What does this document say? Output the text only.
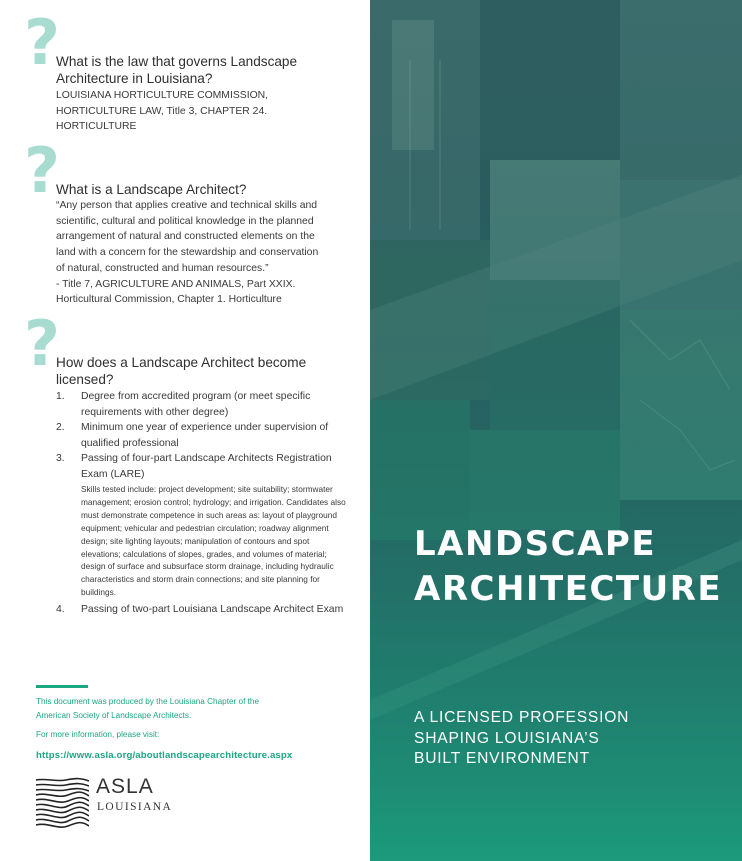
?
What is the law that governs Landscape Architecture in Louisiana?

LOUISIANA HORTICULTURE COMMISSION,

HORTICULTURE LAW, Title 3, CHAPTER 24.

HORTICULTURE

?
What is a Landscape Architect?

“Any person that applies creative and technical skills and

scientific, cultural and political knowledge in the planned

arrangement of natural and constructed elements on the

land with a concern for the stewardship and conservation

of natural, constructed and human resources.”

- Title 7, AGRICULTURE AND ANIMALS, Part XXIX.

Horticultural Commission, Chapter 1. Horticulture

?
How does a Landscape Architect become licensed?
1. Degree from accredited program (or meet specific requirements with other degree)
2. Minimum one year of experience under supervision of qualified professional
3. Passing of four-part Landscape Architects Registration Exam (LARE)
Skills tested include: project development; site suitability; stormwater management; erosion control; hydrology; and irrigation. Candidates also must demonstrate competence in such areas as: layout of playground equipment; vehicular and pedestrian circulation; roadway alignment design; site lighting layouts; manipulation of contours and spot elevations; calculations of slopes, grades, and volumes of material; design of surface and subsurface storm drainage, including hydraulic characteristics and storm drain connections; and site planning for buildings.
4. Passing of two-part Louisiana Landscape Architect Exam
This document was produced by the Louisiana Chapter of the
American Society of Landscape Architects.
For more information, please visit:
https://www.asla.org/aboutlandscapearchitecture.aspx
ASLA
LOUISIANA
LANDSCAPE
ARCHITECTURE
A LICENSED PROFESSION
SHAPING LOUISIANA’S
BUILT ENVIRONMENT
